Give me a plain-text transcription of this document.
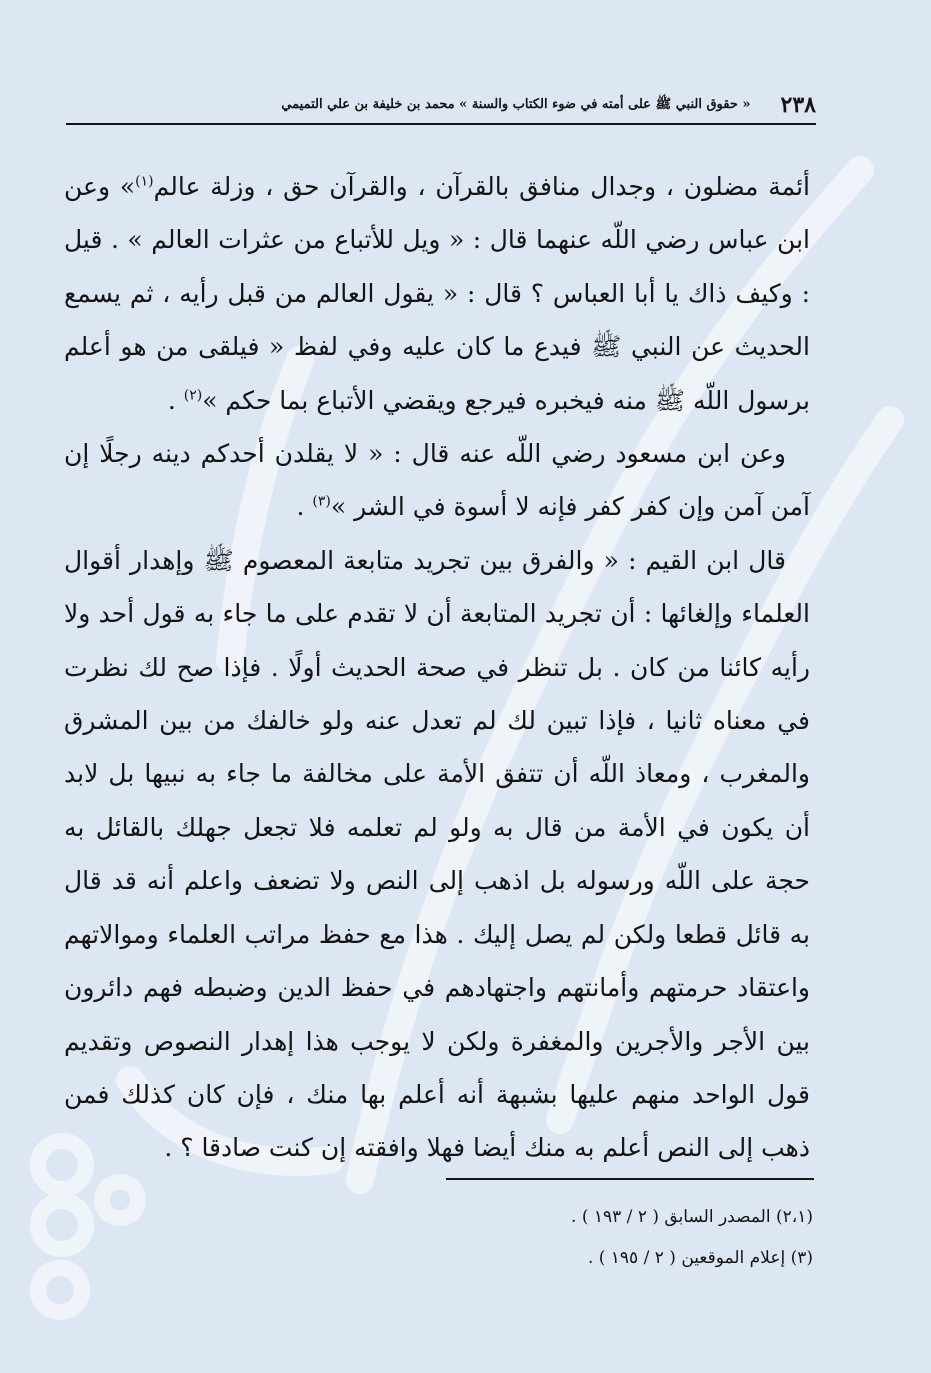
٢٣٨
« حقوق النبي ﷺ على أمته في ضوء الكتاب والسنة » محمد بن خليفة بن علي التميمي

أئمة مضلون ، وجدال منافق بالقرآن ، والقرآن حق ، وزلة عالم$^{(١)}$» وعن ابن عباس رضي اللّه عنهما قال : « ويل للأتباع من عثرات العالم » . قيل : وكيف ذاك يا أبا العباس ؟ قال : « يقول العالم من قبل رأيه ، ثم يسمع الحديث عن النبي ﷺ فيدع ما كان عليه وفي لفظ « فيلقى من هو أعلم برسول اللّه ﷺ منه فيخبره فيرجع ويقضي الأتباع بما حكم »$^{(٢)}$ .

وعن ابن مسعود رضي اللّه عنه قال : « لا يقلدن أحدكم دينه رجلًا إن آمن آمن وإن كفر كفر فإنه لا أسوة في الشر »$^{(٣)}$ .

قال ابن القيم : « والفرق بين تجريد متابعة المعصوم ﷺ وإهدار أقوال العلماء وإلغائها : أن تجريد المتابعة أن لا تقدم على ما جاء به قول أحد ولا رأيه كائنا من كان . بل تنظر في صحة الحديث أولًا . فإذا صح لك نظرت في معناه ثانيا ، فإذا تبين لك لم تعدل عنه ولو خالفك من بين المشرق والمغرب ، ومعاذ اللّه أن تتفق الأمة على مخالفة ما جاء به نبيها بل لابد أن يكون في الأمة من قال به ولو لم تعلمه فلا تجعل جهلك بالقائل به حجة على اللّه ورسوله بل اذهب إلى النص ولا تضعف واعلم أنه قد قال به قائل قطعا ولكن لم يصل إليك . هذا مع حفظ مراتب العلماء وموالاتهم واعتقاد حرمتهم وأمانتهم واجتهادهم في حفظ الدين وضبطه فهم دائرون بين الأجر والأجرين والمغفرة ولكن لا يوجب هذا إهدار النصوص وتقديم قول الواحد منهم عليها بشبهة أنه أعلم بها منك ، فإن كان كذلك فمن ذهب إلى النص أعلم به منك أيضا فهلا وافقته إن كنت صادقا ؟ .

(٢،١) المصدر السابق ( ٢ / ١٩٣ ) .
(٣) إعلام الموقعين ( ٢ / ١٩٥ ) .
